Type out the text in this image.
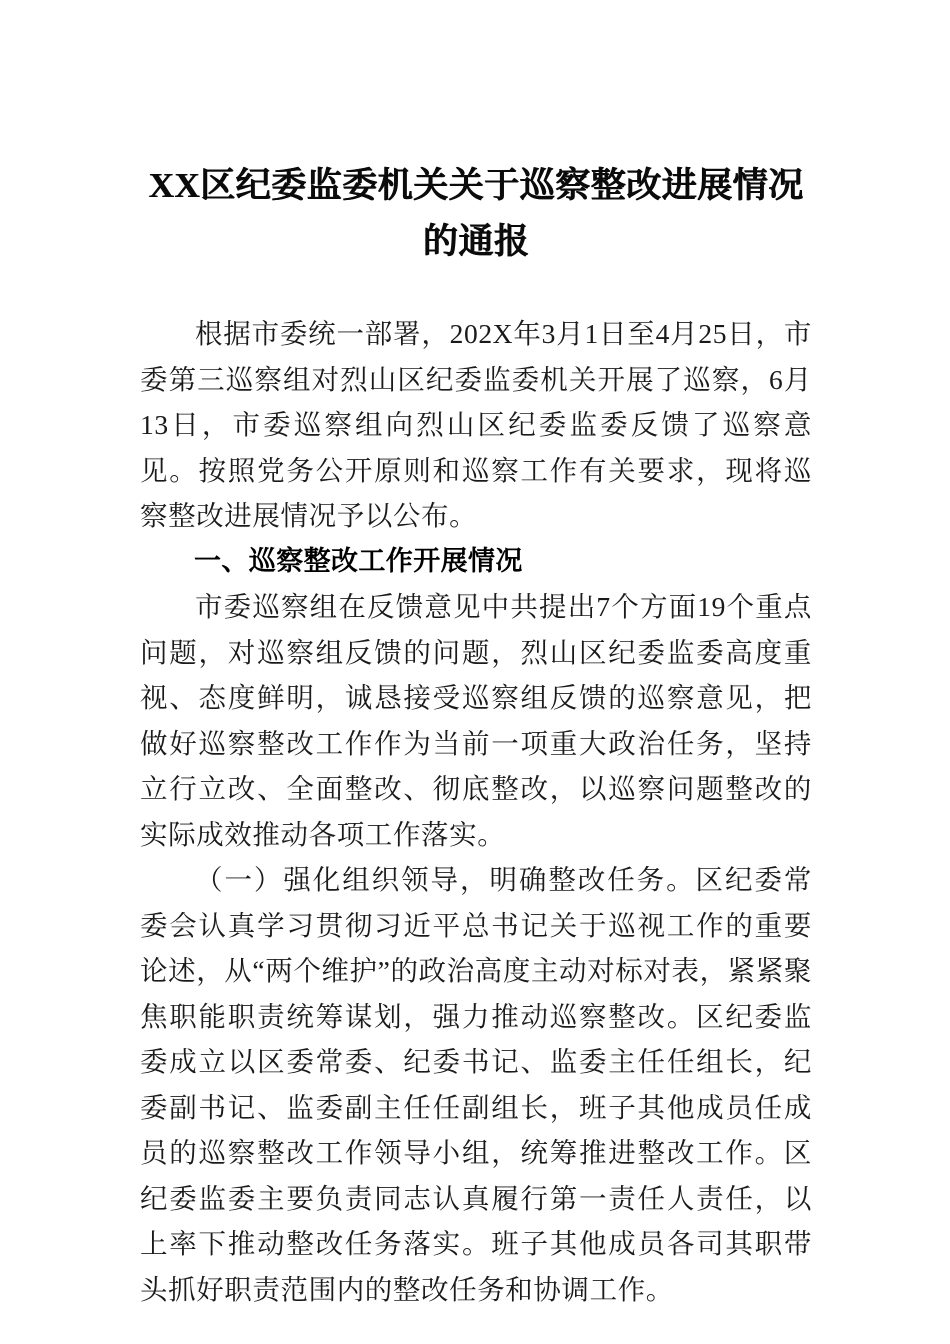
XX区纪委监委机关关于巡察整改进展情况
的通报

根据市委统一部署，202X年3月1日至4月25日，市委第三巡察组对烈山区纪委监委机关开展了巡察，6月13日，市委巡察组向烈山区纪委监委反馈了巡察意见。按照党务公开原则和巡察工作有关要求，现将巡察整改进展情况予以公布。

一、巡察整改工作开展情况

市委巡察组在反馈意见中共提出7个方面19个重点问题，对巡察组反馈的问题，烈山区纪委监委高度重视、态度鲜明，诚恳接受巡察组反馈的巡察意见，把做好巡察整改工作作为当前一项重大政治任务，坚持立行立改、全面整改、彻底整改，以巡察问题整改的实际成效推动各项工作落实。

（一）强化组织领导，明确整改任务。区纪委常委会认真学习贯彻习近平总书记关于巡视工作的重要论述，从“两个维护”的政治高度主动对标对表，紧紧聚焦职能职责统筹谋划，强力推动巡察整改。区纪委监委成立以区委常委、纪委书记、监委主任任组长，纪委副书记、监委副主任任副组长，班子其他成员任成员的巡察整改工作领导小组，统筹推进整改工作。区纪委监委主要负责同志认真履行第一责任人责任，以上率下推动整改任务落实。班子其他成员各司其职带头抓好职责范围内的整改任务和协调工作。
